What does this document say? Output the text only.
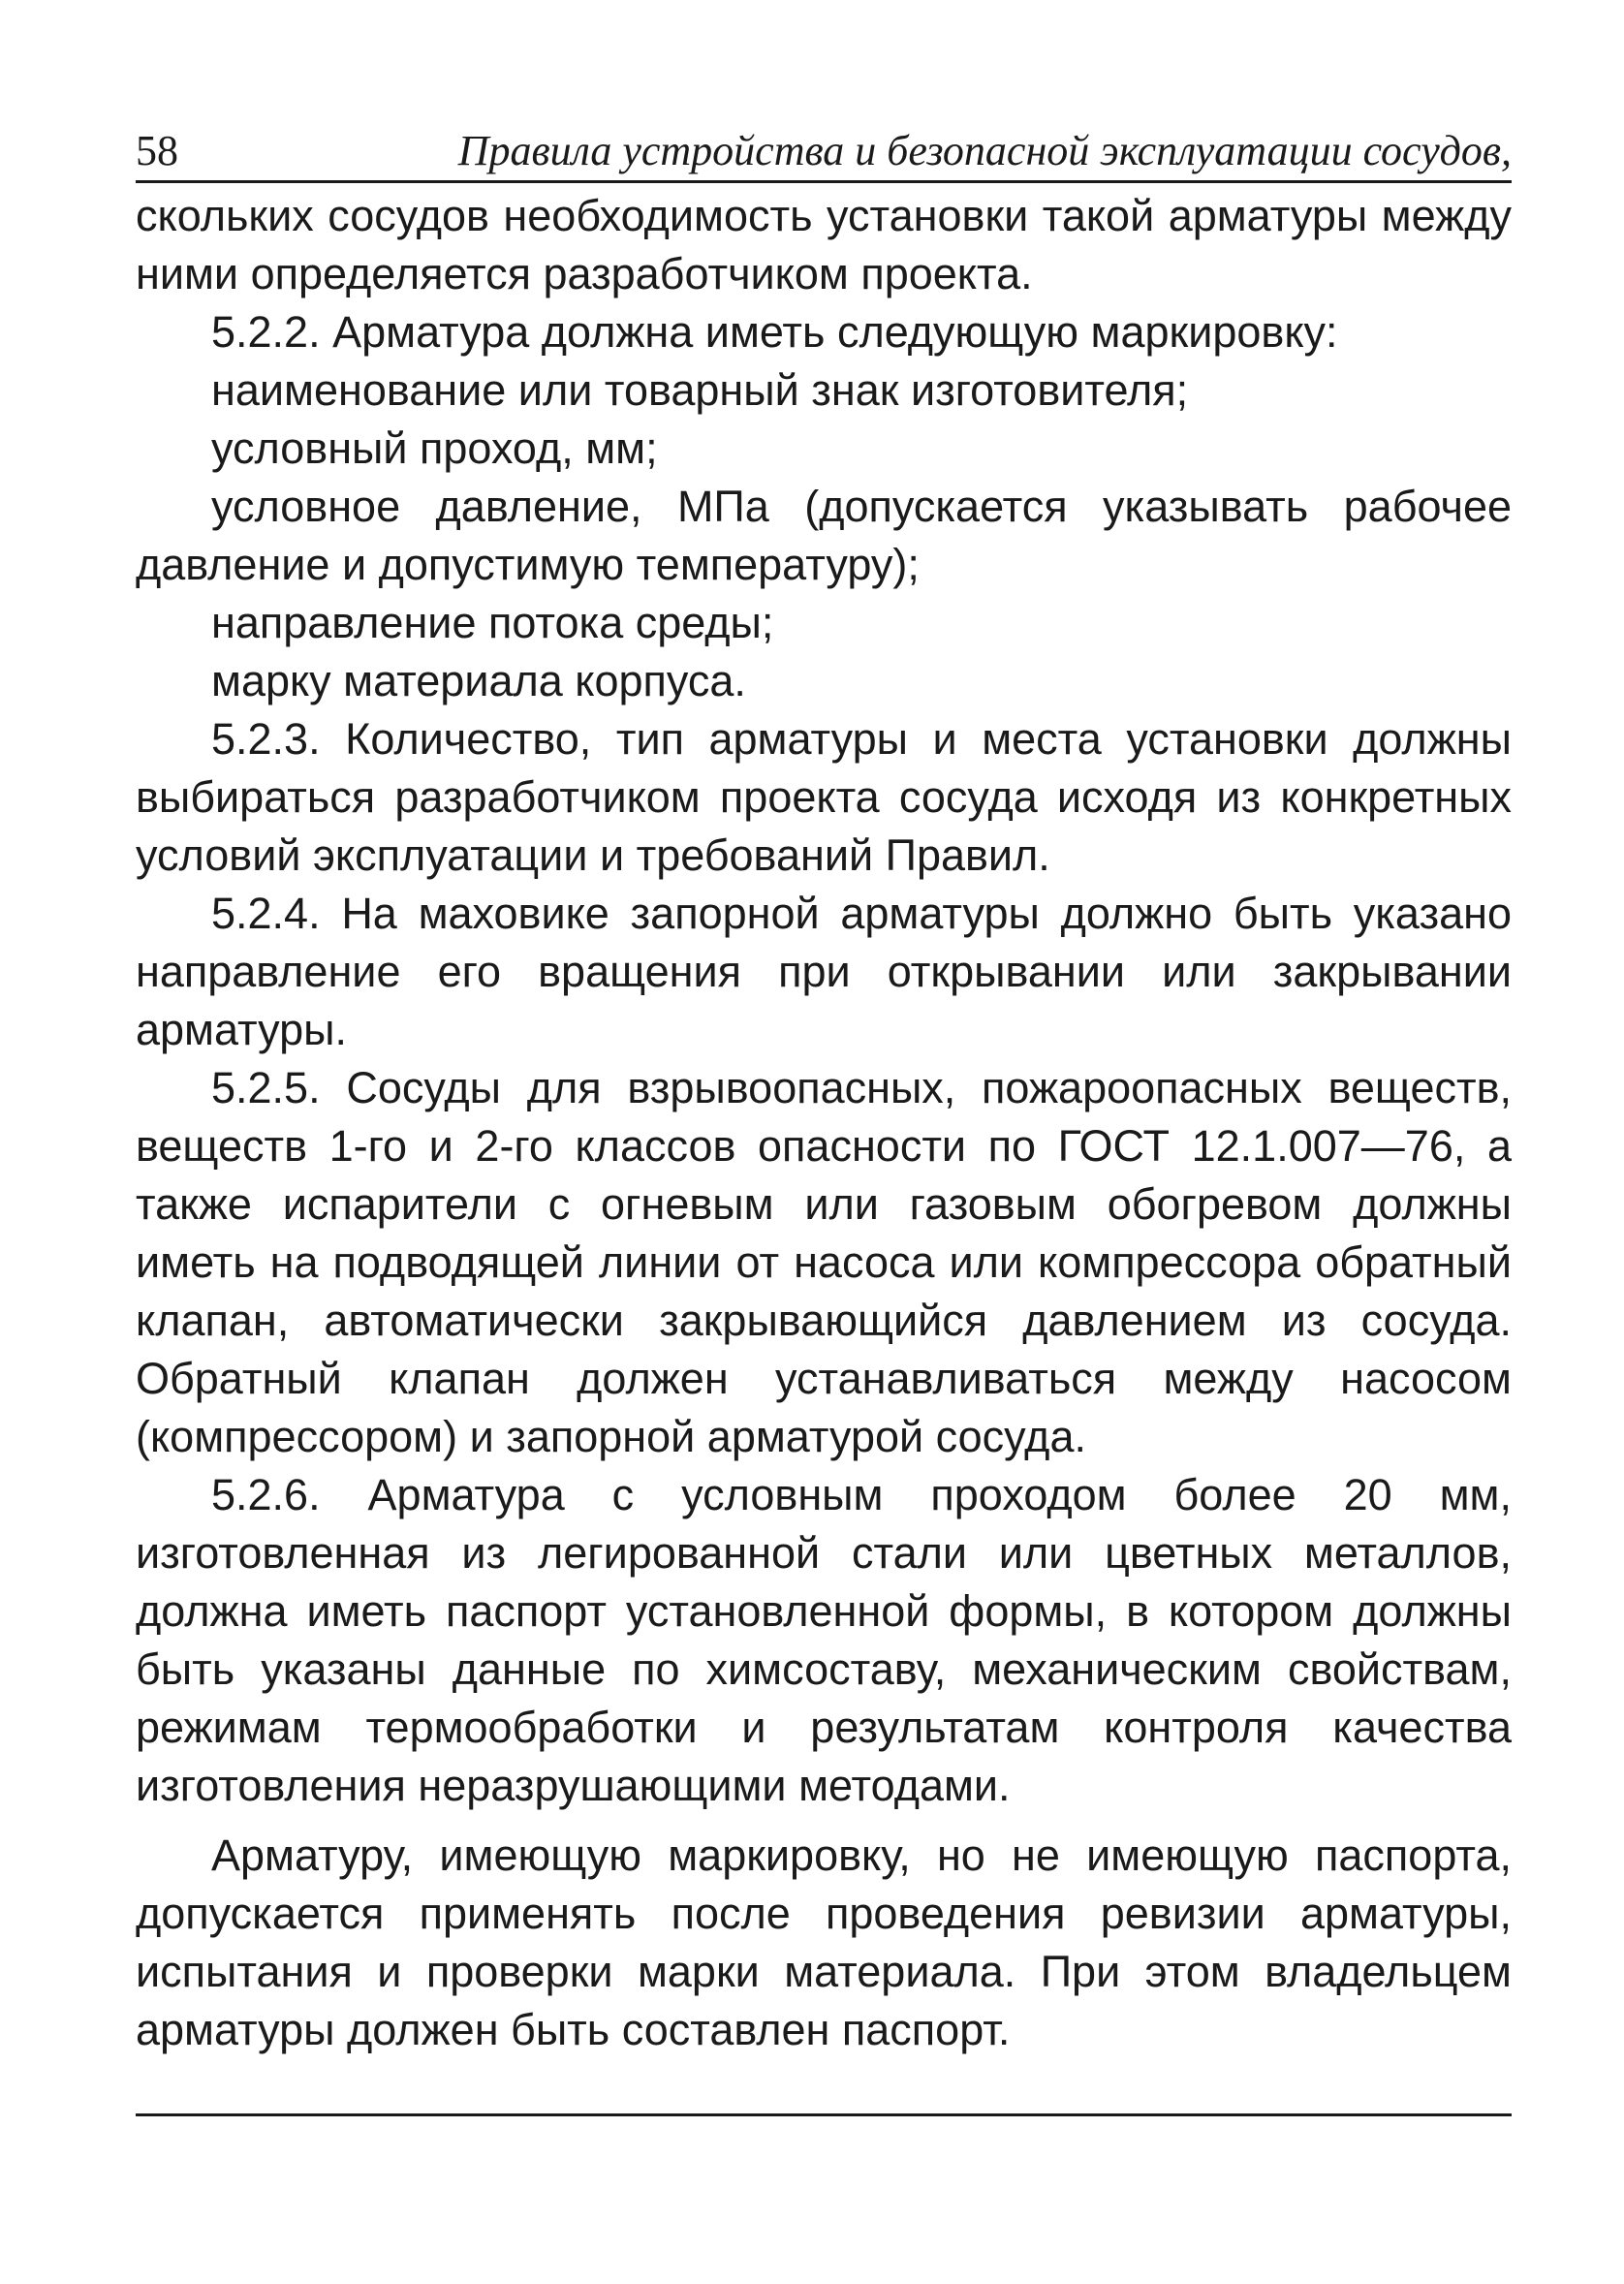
58	Правила устройства и безопасной эксплуатации сосудов,

скольких сосудов необходимость установки такой арматуры между ними определяется разработчиком проекта.

5.2.2. Арматура должна иметь следующую маркировку:

наименование или товарный знак изготовителя;

условный проход, мм;

условное давление, МПа (допускается указывать рабочее давление и допустимую температуру);

направление потока среды;

марку материала корпуса.

5.2.3. Количество, тип арматуры и места установки должны выбираться разработчиком проекта сосуда исходя из конкретных условий эксплуатации и требований Правил.

5.2.4. На маховике запорной арматуры должно быть указано направление его вращения при открывании или закрывании арматуры.

5.2.5. Сосуды для взрывоопасных, пожароопасных веществ, веществ 1-го и 2-го классов опасности по ГОСТ 12.1.007—76, а также испарители с огневым или газовым обогревом должны иметь на подводящей линии от насоса или компрессора обратный клапан, автоматически закрывающийся давлением из сосуда. Обратный клапан должен устанавливаться между насосом (компрессором) и запорной арматурой сосуда.

5.2.6. Арматура с условным проходом более 20 мм, изготовленная из легированной стали или цветных металлов, должна иметь паспорт установленной формы, в котором должны быть указаны данные по химсоставу, механическим свойствам, режимам термообработки и результатам контроля качества изготовления неразрушающими методами.

Арматуру, имеющую маркировку, но не имеющую паспорта, допускается применять после проведения ревизии арматуры, испытания и проверки марки материала. При этом владельцем арматуры должен быть составлен паспорт.
